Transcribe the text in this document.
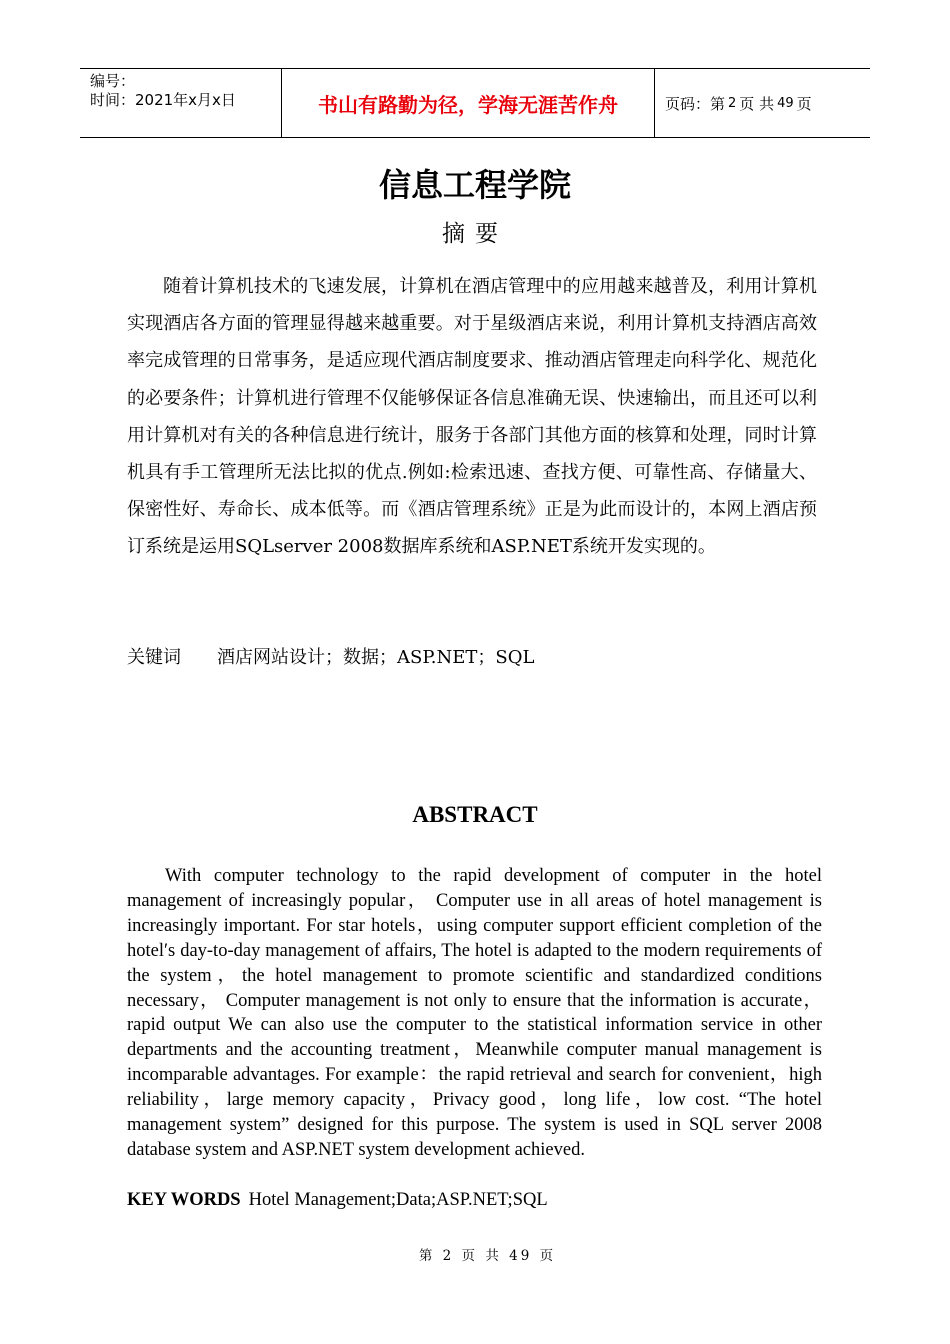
编号：
时间：2021年x月x日	书山有路勤为径，学海无涯苦作舟	页码：第 2 页 共 49 页
信息工程学院
摘要

随着计算机技术的飞速发展，计算机在酒店管理中的应用越来越普及，利用计算机实现酒店各方面的管理显得越来越重要。对于星级酒店来说，利用计算机支持酒店高效率完成管理的日常事务，是适应现代酒店制度要求、推动酒店管理走向科学化、规范化的必要条件；计算机进行管理不仅能够保证各信息准确无误、快速输出，而且还可以利用计算机对有关的各种信息进行统计，服务于各部门其他方面的核算和处理，同时计算机具有手工管理所无法比拟的优点.例如:检索迅速、查找方便、可靠性高、存储量大、保密性好、寿命长、成本低等。而《酒店管理系统》正是为此而设计的，本网上酒店预订系统是运用SQLserver 2008数据库系统和ASP.NET系统开发实现的。

关键词 酒店网站设计；数据；ASP.NET；SQL
ABSTRACT

With computer technology to the rapid development of computer in the hotel management of increasingly popular， Computer use in all areas of hotel management is increasingly important. For star hotels，using computer support efficient completion of the hotel′s day-to-day management of affairs, The hotel is adapted to the modern requirements of the system，the hotel management to promote scientific and standardized conditions necessary， Computer management is not only to ensure that the information is accurate，rapid output We can also use the computer to the statistical information service in other departments and the accounting treatment，Meanwhile computer manual management is incomparable advantages. For example：the rapid retrieval and search for convenient，high reliability，large memory capacity，Privacy good，long life，low cost. “The hotel management system” designed for this purpose. The system is used in SQL server 2008 database system and ASP.NET system development achieved.

KEY WORDS Hotel Management;Data;ASP.NET;SQL
第 2 页 共 49 页
